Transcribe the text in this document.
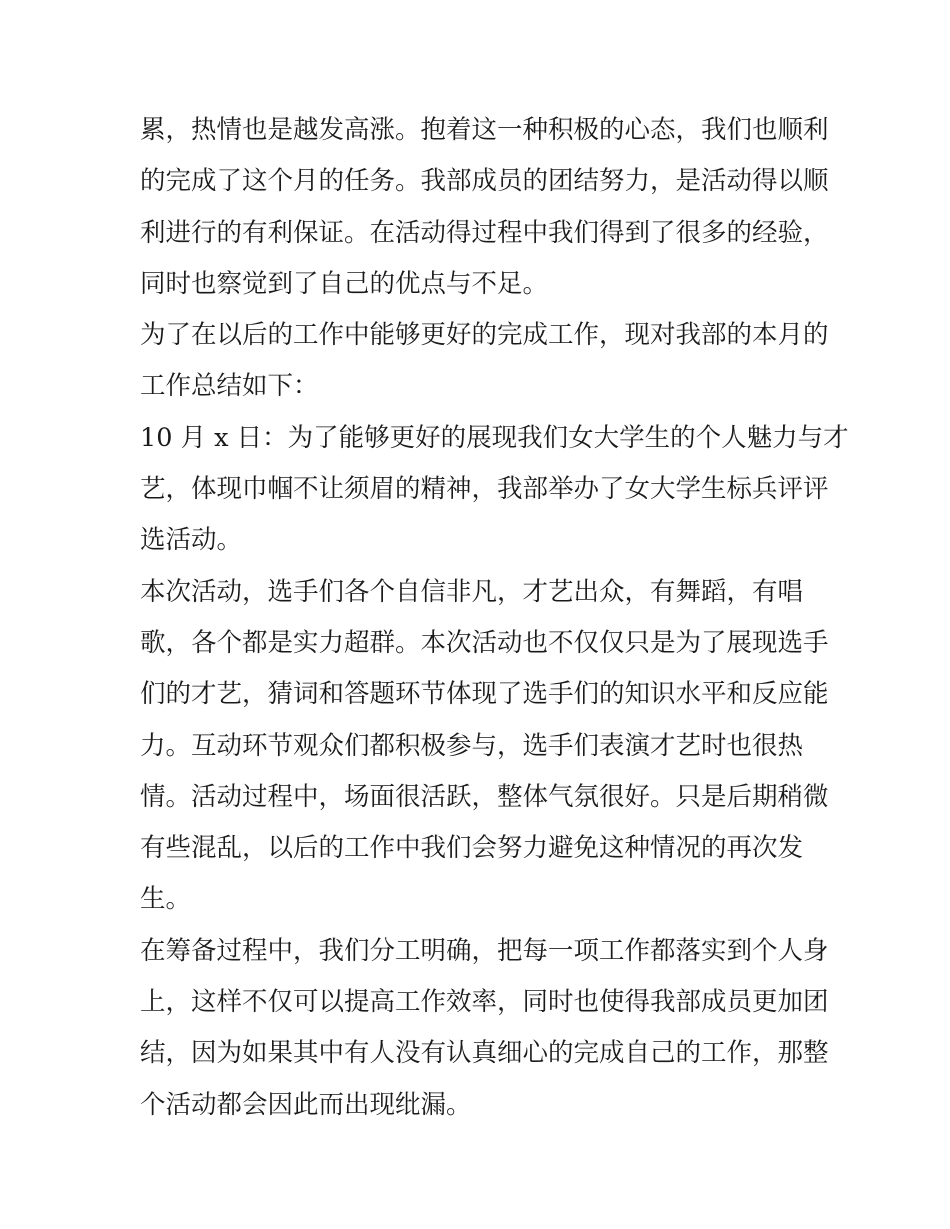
累，热情也是越发高涨。抱着这一种积极的心态，我们也顺利
的完成了这个月的任务。我部成员的团结努力，是活动得以顺
利进行的有利保证。在活动得过程中我们得到了很多的经验，
同时也察觉到了自己的优点与不足。
为了在以后的工作中能够更好的完成工作，现对我部的本月的
工作总结如下：
10 月 x 日：为了能够更好的展现我们女大学生的个人魅力与才
艺，体现巾帼不让须眉的精神，我部举办了女大学生标兵评评
选活动。
本次活动，选手们各个自信非凡，才艺出众，有舞蹈，有唱
歌，各个都是实力超群。本次活动也不仅仅只是为了展现选手
们的才艺，猜词和答题环节体现了选手们的知识水平和反应能
力。互动环节观众们都积极参与，选手们表演才艺时也很热
情。活动过程中，场面很活跃，整体气氛很好。只是后期稍微
有些混乱，以后的工作中我们会努力避免这种情况的再次发
生。
在筹备过程中，我们分工明确，把每一项工作都落实到个人身
上，这样不仅可以提高工作效率，同时也使得我部成员更加团
结，因为如果其中有人没有认真细心的完成自己的工作，那整
个活动都会因此而出现纰漏。
